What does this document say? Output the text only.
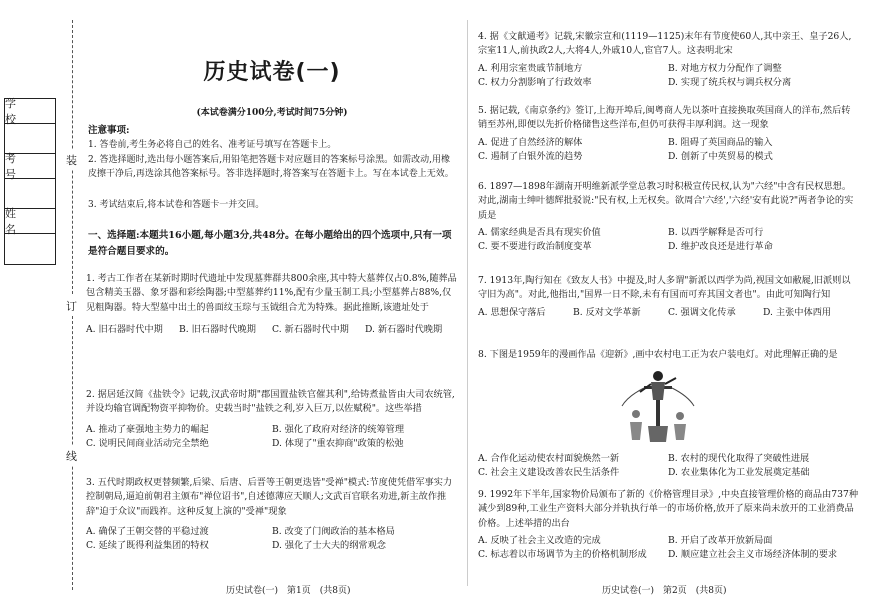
学　校
考　号
姓　名
装
订
线
历史试卷(一)
(本试卷满分100分,考试时间75分钟)
注意事项:
1. 答卷前,考生务必将自己的姓名、准考证号填写在答题卡上。
2. 答选择题时,选出每小题答案后,用铅笔把答题卡对应题目的答案标号涂黑。如需改动,用橡皮擦干净后,再选涂其他答案标号。答非选择题时,将答案写在答题卡上。写在本试卷上无效。
3. 考试结束后,将本试卷和答题卡一并交回。
一、选择题:本题共16小题,每小题3分,共48分。在每小题给出的四个选项中,只有一项是符合题目要求的。
1. 考古工作者在某新时期时代遗址中发现墓葬群共800余座,其中特大墓葬仅占0.8%,随葬品包含精美玉器、象牙器和彩绘陶器;中型墓葬约11%,配有少量玉制工具;小型墓葬占88%,仅见粗陶器。特大型墓中出土的兽面纹玉琮与玉钺组合尤为特殊。据此推断,该遗址处于
A. 旧石器时代中期	B. 旧石器时代晚期	C. 新石器时代中期	D. 新石器时代晚期
2. 据居延汉简《盐铁令》记载,汉武帝时期"郡国置盐铁官催其利",给铸煮盐皆由大司农统管,并设均输官调配物资平抑物价。史载当时"盐铁之利,岁入巨万,以佐赋税"。这些举措
A. 推动了豪强地主势力的崛起	B. 强化了政府对经济的统筹管理
C. 说明民间商业活动完全禁绝	D. 体现了"重农抑商"政策的松弛
3. 五代时期政权更替频繁,后梁、后唐、后晋等王朝更迭皆"受禅"模式:节度使凭借军事实力控制朝局,逼迫前朝君主颁布"禅位诏书",自述德薄应天顺人;文武百官联名劝进,新主故作推辞"迫于众议"而践祚。这种反复上演的"受禅"现象
A. 确保了王朝交替的平稳过渡	B. 改变了门阀政治的基本格局
C. 延续了既得利益集团的特权	D. 强化了士大夫的纲常观念
历史试卷(一)　第1页　(共8页)
4. 据《文献通考》记载,宋徽宗宣和(1119—1125)末年有节度使60人,其中亲王、皇子26人,宗室11人,前执政2人,大将4人,外戚10人,宦官7人。这表明北宋
A. 利用宗室贵戚节制地方	B. 对地方权力分配作了调整
C. 权力分割影响了行政效率	D. 实现了统兵权与调兵权分离
5. 据记载,《南京条约》签订,上海开埠后,闽粤商人先以茶叶直接换取英国商人的洋布,然后转销至苏州,即便以先折价格储售这些洋布,但仍可获得丰厚利润。这一现象
A. 促进了自然经济的解体	B. 阻碍了英国商品的输入
C. 遏制了白银外流的趋势	D. 创新了中英贸易的模式
6. 1897—1898年湖南开明维新派学堂总教习时积极宣传民权,认为"六经"中含有民权思想。对此,湖南士绅叶德辉批驳说:"民有权,上无权矣。欲周合'六经','六经'安有此说?"两者争论的实质是
A. 儒家经典是否具有现实价值	B. 以西学解释是否可行
C. 要不要进行政治制度变革	D. 维护改良还是进行革命
7. 1913年,陶行知在《致友人书》中提及,时人多谓"新派以西学为尚,视国文如敝屣,旧派则以守旧为高"。对此,他指出,"国界一日不除,未有有国而可弃其国文者也"。由此可知陶行知
A. 思想保守落后	B. 反对文学革新	C. 强调文化传承	D. 主张中体西用
8. 下图是1959年的漫画作品《迎新》,画中农村电工正为农户装电灯。对此理解正确的是
A. 合作化运动使农村面貌焕然一新	B. 农村的现代化取得了突破性进展
C. 社会主义建设改善农民生活条件	D. 农业集体化为工业发展奠定基础
9. 1992年下半年,国家物价局颁布了新的《价格管理目录》,中央直接管理价格的商品由737种减少到89种,工业生产资料大部分并轨执行单一的市场价格,放开了原来尚未放开的工业消费品价格。上述举措的出台
A. 反映了社会主义改造的完成	B. 开启了改革开放新局面
C. 标志着以市场调节为主的价格机制形成	D. 顺应建立社会主义市场经济体制的要求
历史试卷(一)　第2页　(共8页)
